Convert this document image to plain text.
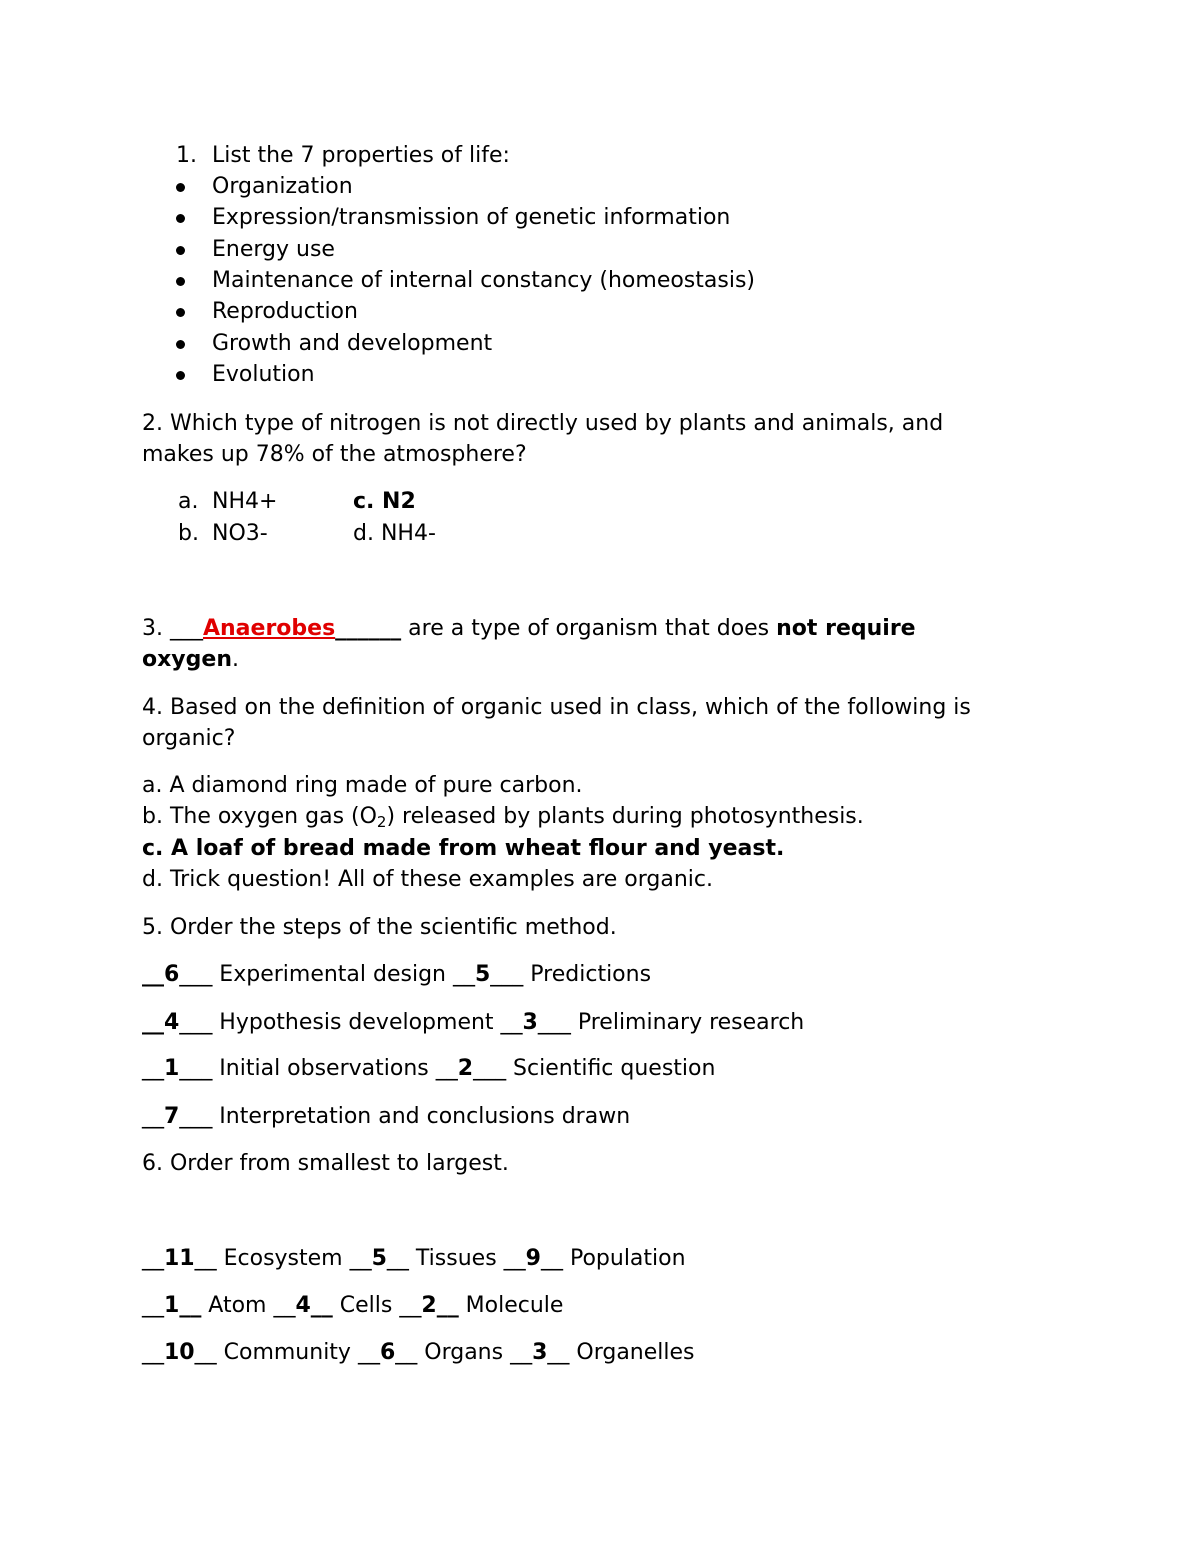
1. List the 7 properties of life:
Organization
Expression/transmission of genetic information
Energy use
Maintenance of internal constancy (homeostasis)
Reproduction
Growth and development
Evolution
2. Which type of nitrogen is not directly used by plants and animals, and
makes up 78% of the atmosphere?
a. NH4+	c. N2
b. NO3-	d. NH4-
3. ___Anaerobes______ are a type of organism that does not require
oxygen.
4. Based on the definition of organic used in class, which of the following is
organic?
a. A diamond ring made of pure carbon.
b. The oxygen gas $(O_2)$ released by plants during photosynthesis.
c. A loaf of bread made from wheat flour and yeast.
d. Trick question! All of these examples are organic.
5. Order the steps of the scientific method.
__6___ Experimental design __5___ Predictions
__4___ Hypothesis development __3___ Preliminary research
__1___ Initial observations __2___ Scientific question
__7___ Interpretation and conclusions drawn
6. Order from smallest to largest.
__11__ Ecosystem __5__ Tissues __9__ Population
__1__ Atom __4__ Cells __2__ Molecule
__10__ Community __6__ Organs __3__ Organelles
